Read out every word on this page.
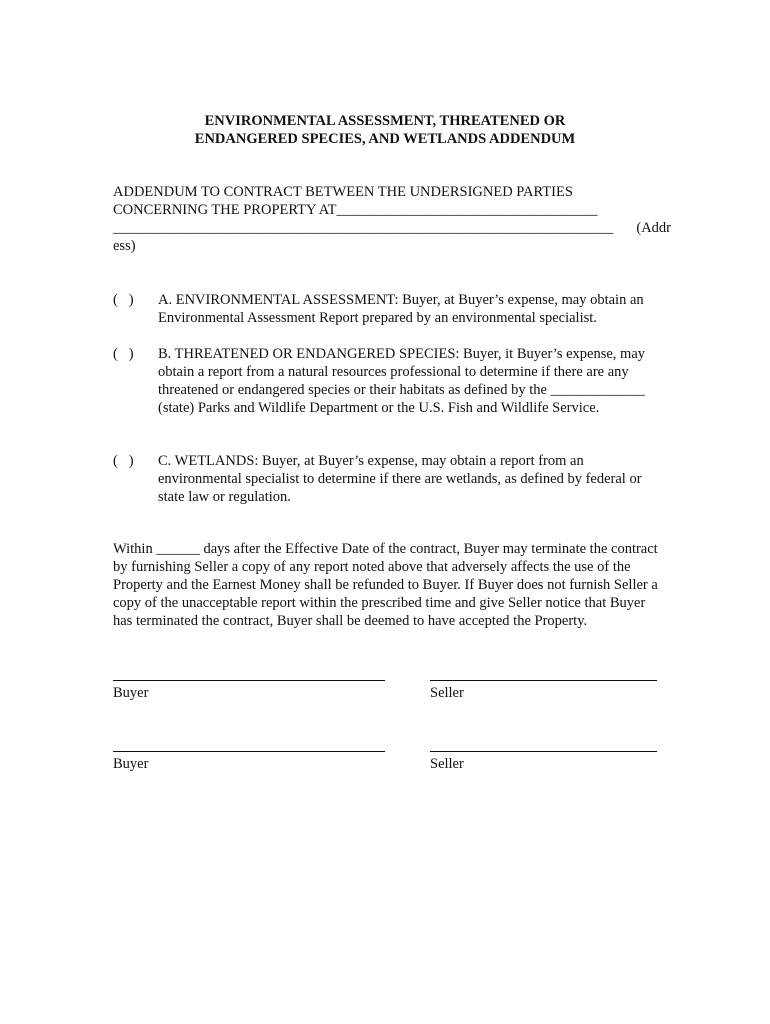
ENVIRONMENTAL ASSESSMENT, THREATENED OR
ENDANGERED SPECIES, AND WETLANDS ADDENDUM
ADDENDUM TO CONTRACT BETWEEN THE UNDERSIGNED PARTIES
CONCERNING THE PROPERTY AT____________________________________
_____________________________________________________________________ (Addr
ess)
(   ) A. ENVIRONMENTAL ASSESSMENT: Buyer, at Buyer’s expense, may obtain an Environmental Assessment Report prepared by an environmental specialist.
(   ) B. THREATENED OR ENDANGERED SPECIES: Buyer, it Buyer’s expense, may obtain a report from a natural resources professional to determine if there are any threatened or endangered species or their habitats as defined by the _____________ (state) Parks and Wildlife Department or the U.S. Fish and Wildlife Service.
(   ) C. WETLANDS: Buyer, at Buyer’s expense, may obtain a report from an environmental specialist to determine if there are wetlands, as defined by federal or state law or regulation.
Within ______ days after the Effective Date of the contract, Buyer may terminate the contract by furnishing Seller a copy of any report noted above that adversely affects the use of the Property and the Earnest Money shall be refunded to Buyer. If Buyer does not furnish Seller a copy of the unacceptable report within the prescribed time and give Seller notice that Buyer has terminated the contract, Buyer shall be deemed to have accepted the Property.
Buyer	Seller
Buyer	Seller
